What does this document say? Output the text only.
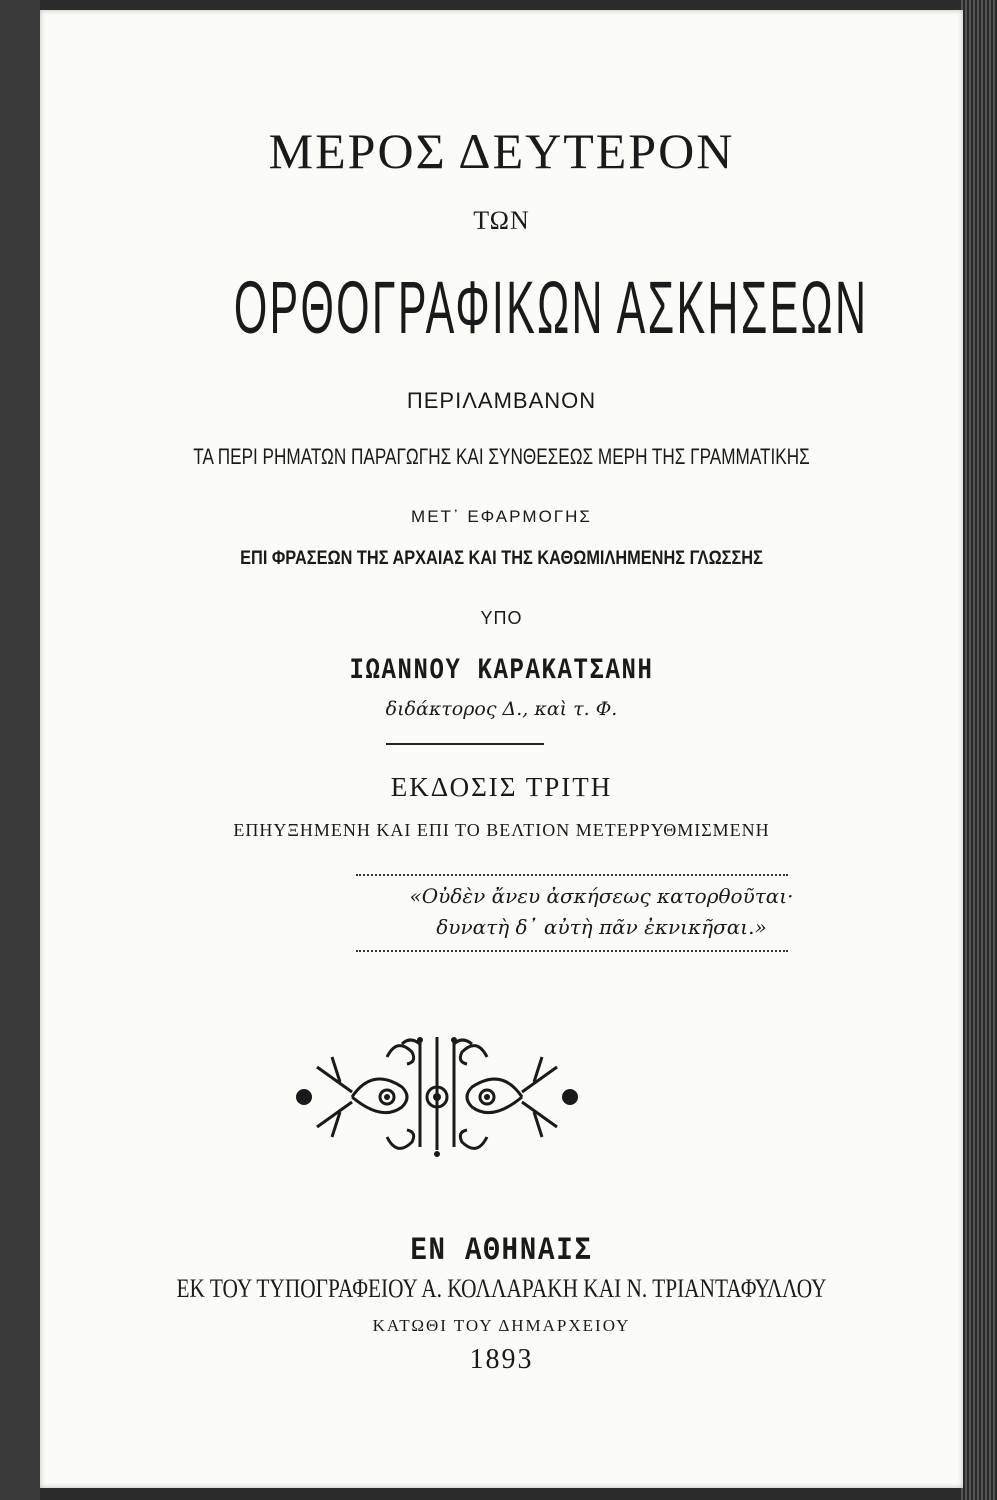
ΜΕΡΟΣ ΔΕΥΤΕΡΟΝ
ΤΩΝ
ΟΡΘΟΓΡΑΦΙΚΩΝ ΑΣΚΗΣΕΩΝ
ΠΕΡΙΛΑΜΒΑΝΟΝ
ΤΑ ΠΕΡΙ ΡΗΜΑΤΩΝ ΠΑΡΑΓΩΓΗΣ ΚΑΙ ΣΥΝΘΕΣΕΩΣ ΜΕΡΗ ΤΗΣ ΓΡΑΜΜΑΤΙΚΗΣ
ΜΕΤ᾽ ΕΦΑΡΜΟΓΗΣ
ΕΠΙ ΦΡΑΣΕΩΝ ΤΗΣ ΑΡΧΑΙΑΣ ΚΑΙ ΤΗΣ ΚΑΘΩΜΙΛΗΜΕΝΗΣ ΓΛΩΣΣΗΣ
ΥΠΟ
ΙΩΑΝΝΟΥ ΚΑΡΑΚΑΤΣΑΝΗ
διδάκτορος Δ., καὶ τ. Φ.
ΕΚΔΟΣΙΣ ΤΡΙΤΗ
ΕΠΗΥΞΗΜΕΝΗ ΚΑΙ ΕΠΙ ΤΟ ΒΕΛΤΙΟΝ ΜΕΤΕΡΡΥΘΜΙΣΜΕΝΗ
«Οὐδὲν ἄνευ ἀσκήσεως κατορθοῦται·
δυνατὴ δ᾽ αὐτὴ πᾶν ἐκνικῆσαι.»
ΕΝ ΑΘΗΝΑΙΣ
ΕΚ ΤΟΥ ΤΥΠΟΓΡΑΦΕΙΟΥ Α. ΚΟΛΛΑΡΑΚΗ ΚΑΙ Ν. ΤΡΙΑΝΤΑΦΥΛΛΟΥ
ΚΑΤΩΘΙ ΤΟΥ ΔΗΜΑΡΧΕΙΟΥ
1893
